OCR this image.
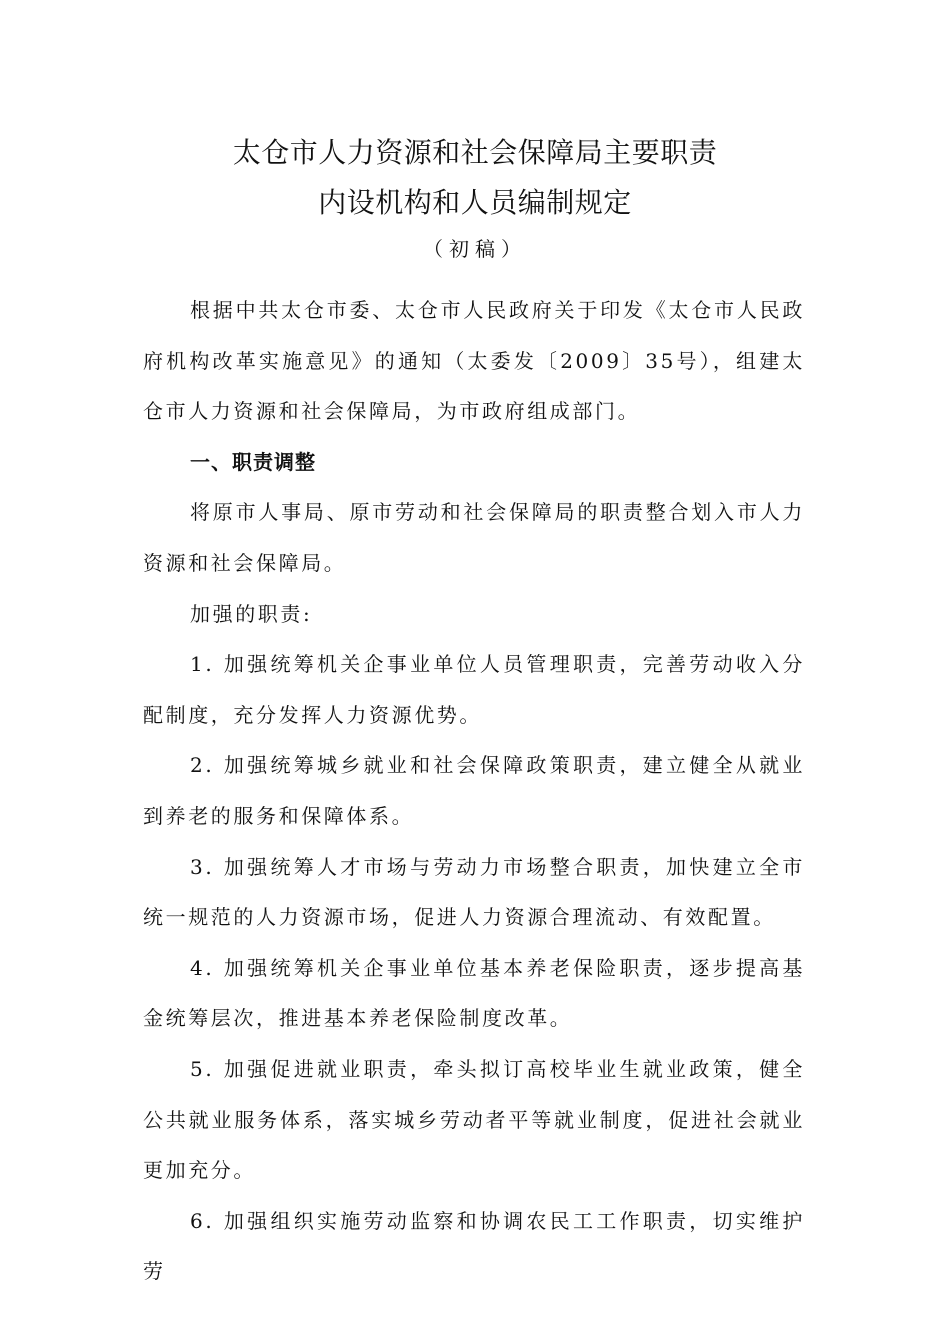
太仓市人力资源和社会保障局主要职责
内设机构和人员编制规定
（初稿）

根据中共太仓市委、太仓市人民政府关于印发《太仓市人民政府机构改革实施意见》的通知（太委发〔2009〕35号），组建太仓市人力资源和社会保障局，为市政府组成部门。

一、职责调整

将原市人事局、原市劳动和社会保障局的职责整合划入市人力资源和社会保障局。

加强的职责:

1. 加强统筹机关企事业单位人员管理职责，完善劳动收入分配制度，充分发挥人力资源优势。

2. 加强统筹城乡就业和社会保障政策职责，建立健全从就业到养老的服务和保障体系。

3. 加强统筹人才市场与劳动力市场整合职责，加快建立全市统一规范的人力资源市场，促进人力资源合理流动、有效配置。

4. 加强统筹机关企事业单位基本养老保险职责，逐步提高基金统筹层次，推进基本养老保险制度改革。

5. 加强促进就业职责，牵头拟订高校毕业生就业政策，健全公共就业服务体系，落实城乡劳动者平等就业制度，促进社会就业更加充分。

6. 加强组织实施劳动监察和协调农民工工作职责，切实维护劳
